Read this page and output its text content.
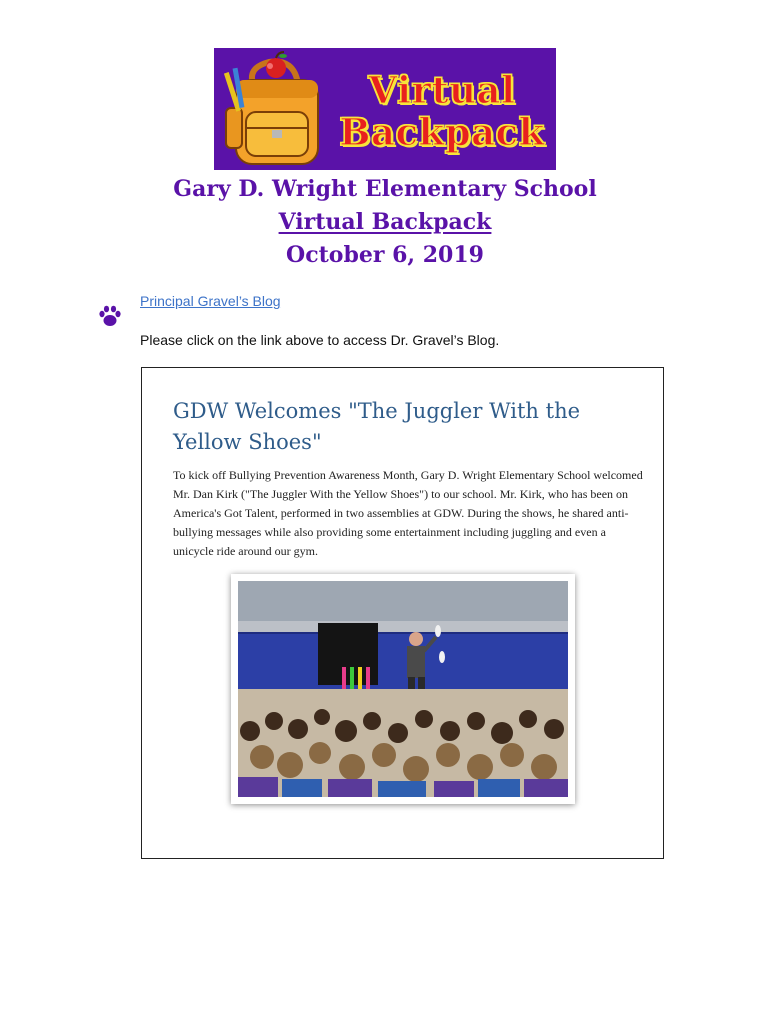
Virtual
Backpack
Gary D. Wright Elementary School
Virtual Backpack
October 6, 2019
Principal Gravel’s Blog
Please click on the link above to access Dr. Gravel’s Blog.
GDW Welcomes "The Juggler With the Yellow Shoes"
To kick off Bullying Prevention Awareness Month, Gary D. Wright Elementary School welcomed Mr. Dan Kirk ("The Juggler With the Yellow Shoes") to our school. Mr. Kirk, who has been on America's Got Talent, performed in two assemblies at GDW. During the shows, he shared anti-bullying messages while also providing some entertainment including juggling and even a unicycle ride around our gym.
